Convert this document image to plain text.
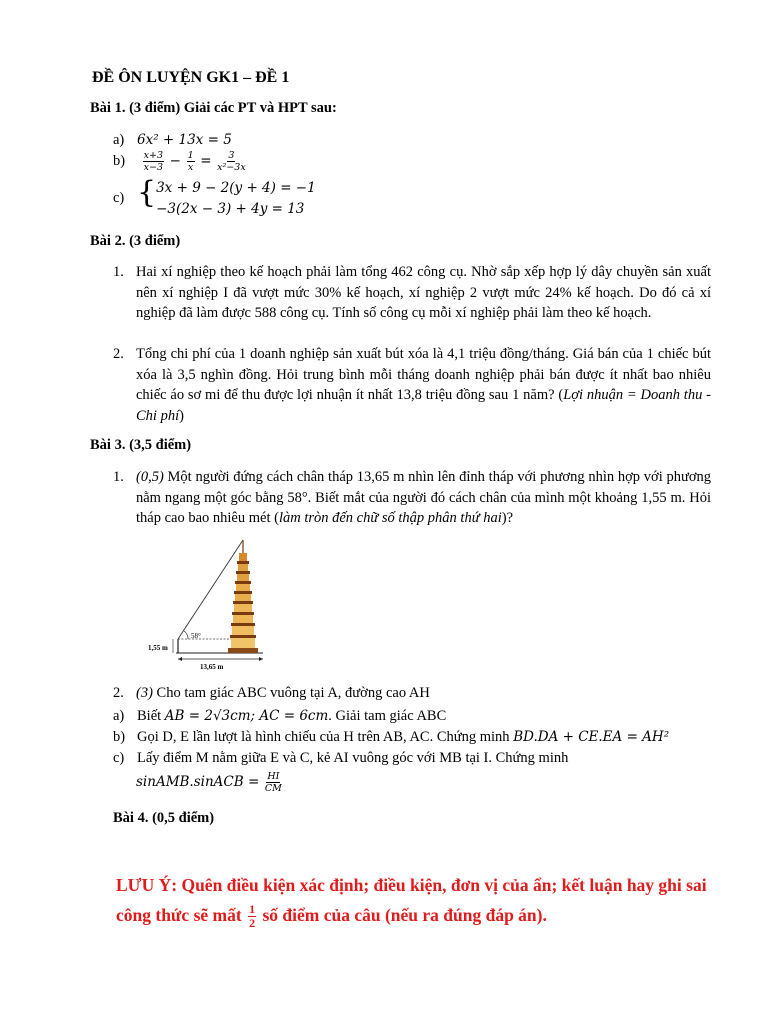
ĐỀ ÔN LUYỆN GK1 – ĐỀ 1
Bài 1. (3 điểm) Giải các PT và HPT sau:
a) 6x² + 13x = 5
$b) \frac{x+3}{x-3} - \frac{1}{x} = \frac{3}{\text{x²−3x}}$
c) { 3x + 9 − 2(y + 4) = −1
−3(2x − 3) + 4y = 13
Bài 2. (3 điểm)
1. Hai xí nghiệp theo kế hoạch phải làm tổng 462 công cụ. Nhờ sắp xếp hợp lý dây chuyền sản xuất nên xí nghiệp I đã vượt mức 30% kế hoạch, xí nghiệp 2 vượt mức 24% kế hoạch. Do đó cả xí nghiệp đã làm được 588 công cụ. Tính số công cụ mỗi xí nghiệp phải làm theo kế hoạch.
2. Tổng chi phí của 1 doanh nghiệp sản xuất bút xóa là 4,1 triệu đồng/tháng. Giá bán của 1 chiếc bút xóa là 3,5 nghìn đồng. Hỏi trung bình mỗi tháng doanh nghiệp phải bán được ít nhất bao nhiêu chiếc áo sơ mi để thu được lợi nhuận ít nhất 13,8 triệu đồng sau 1 năm? (Lợi nhuận = Doanh thu - Chi phí)
Bài 3. (3,5 điểm)
1. (0,5) Một người đứng cách chân tháp 13,65 m nhìn lên đỉnh tháp với phương nhìn hợp với phương nằm ngang một góc bằng 58°. Biết mắt của người đó cách chân của mình một khoảng 1,55 m. Hỏi tháp cao bao nhiêu mét (làm tròn đến chữ số thập phân thứ hai)?
1,55 m
58°
13,65 m
2. (3) Cho tam giác ABC vuông tại A, đường cao AH
a) Biết AB = 2√3cm; AC = 6cm. Giải tam giác ABC
b) Gọi D, E lần lượt là hình chiếu của H trên AB, AC. Chứng minh BD.DA + CE.EA = AH²
c) Lấy điểm M nằm giữa E và C, kẻ AI vuông góc với MB tại I. Chứng minh
sinAMB.sinACB = $\frac{HI}{CM}$
Bài 4. (0,5 điểm)
LƯU Ý: Quên điều kiện xác định; điều kiện, đơn vị của ẩn; kết luận hay ghi sai công thức sẽ mất $\frac{1}{2}$ số điểm của câu (nếu ra đúng đáp án).
